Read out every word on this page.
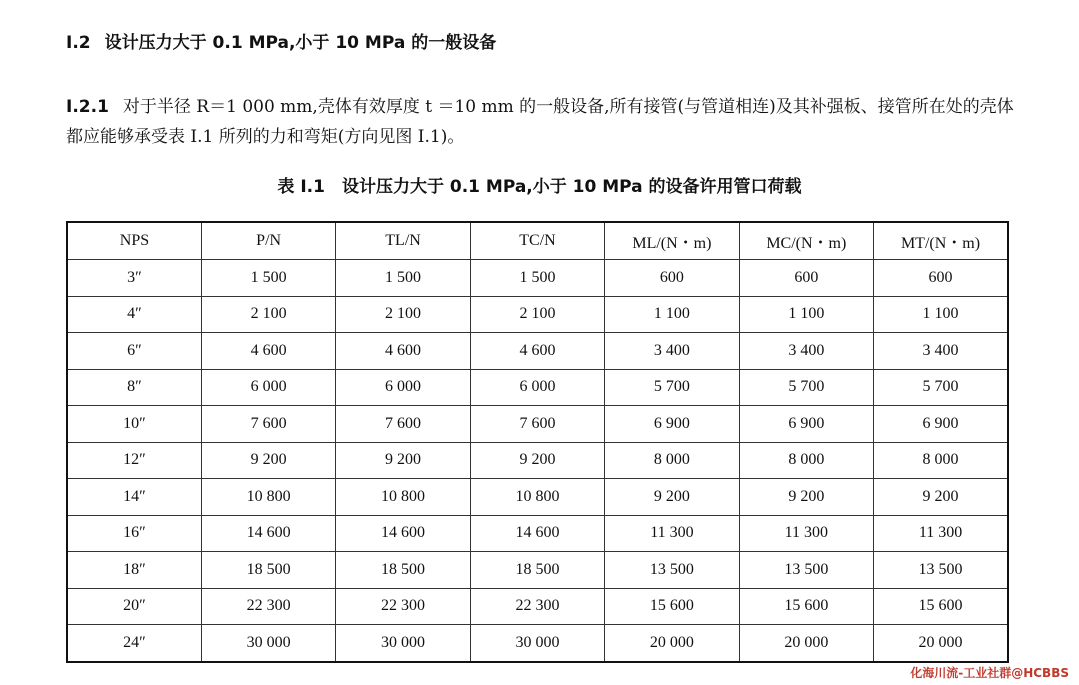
I.2 设计压力大于 0.1 MPa,小于 10 MPa 的一般设备
I.2.1 对于半径 R＝1 000 mm,壳体有效厚度 t ＝10 mm 的一般设备,所有接管(与管道相连)及其补强板、接管所在处的壳体都应能够承受表 I.1 所列的力和弯矩(方向见图 I.1)。
表 I.1　设计压力大于 0.1 MPa,小于 10 MPa 的设备许用管口荷载
NPS	P/N	TL/N	TC/N	ML/(N・m)	MC/(N・m)	MT/(N・m)
3″	1 500	1 500	1 500	600	600	600
4″	2 100	2 100	2 100	1 100	1 100	1 100
6″	4 600	4 600	4 600	3 400	3 400	3 400
8″	6 000	6 000	6 000	5 700	5 700	5 700
10″	7 600	7 600	7 600	6 900	6 900	6 900
12″	9 200	9 200	9 200	8 000	8 000	8 000
14″	10 800	10 800	10 800	9 200	9 200	9 200
16″	14 600	14 600	14 600	11 300	11 300	11 300
18″	18 500	18 500	18 500	13 500	13 500	13 500
20″	22 300	22 300	22 300	15 600	15 600	15 600
24″	30 000	30 000	30 000	20 000	20 000	20 000
化海川流-工业社群@HCBBS
